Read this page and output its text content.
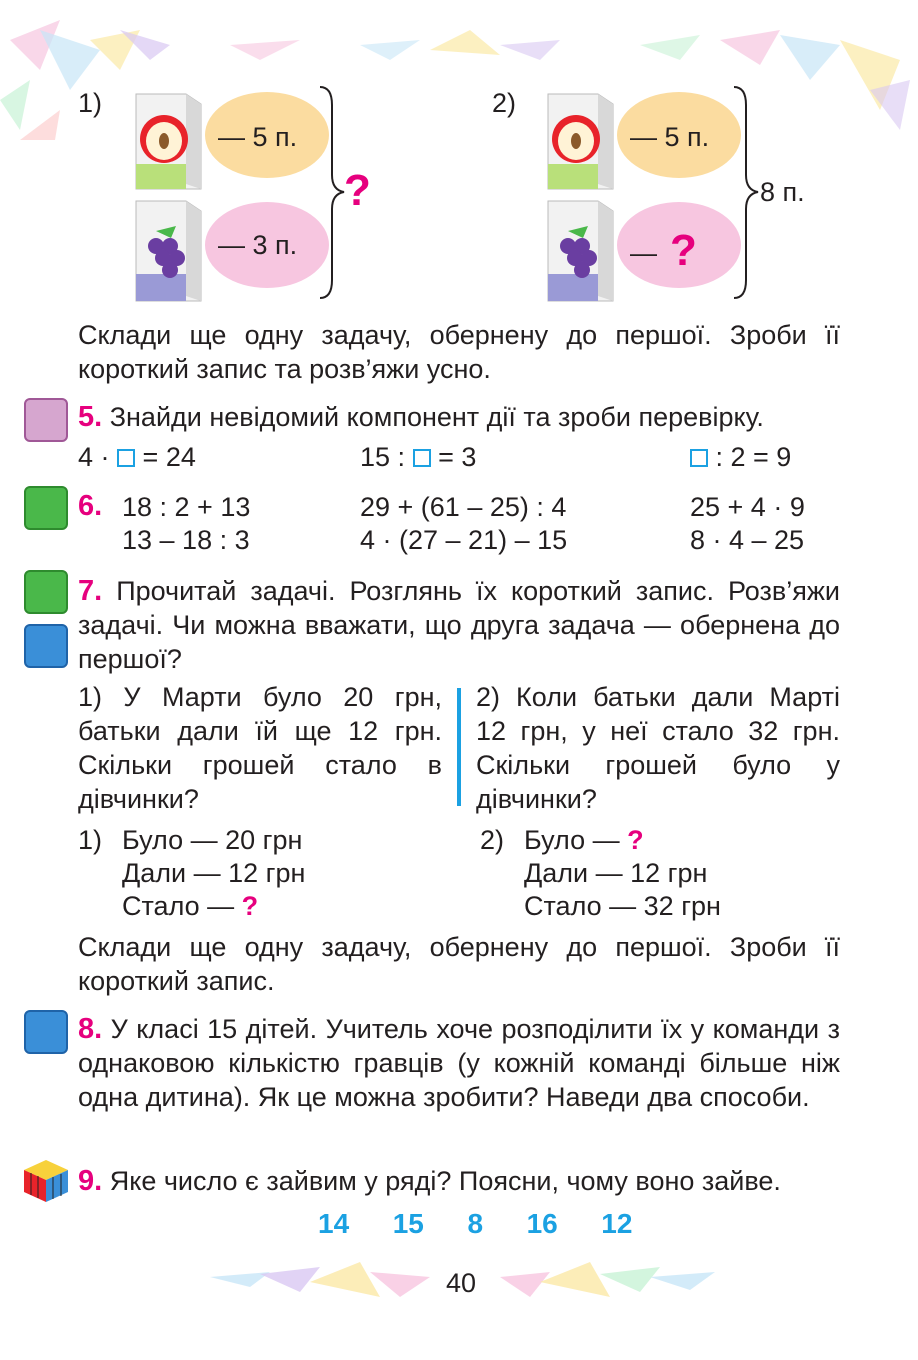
1)
— 5 п.
— 3 п.
?
2)
— 5 п.
— ?
8 п.
Склади ще одну задачу, обернену до першої. Зроби її короткий запис та розв’яжи усно.
5. Знайди невідомий компонент дії та зроби перевірку.
4 · = 24	15 : = 3	: 2 = 9
6. 18 : 2 + 13
13 – 18 : 3
29 + (61 – 25) : 4
4 · (27 – 21) – 15
25 + 4 · 9
8 · 4 – 25
7. Прочитай задачі. Розглянь їх короткий запис. Розв’яжи задачі. Чи можна вважати, що друга задача — обернена до першої?
1) У Марти було 20 грн, батьки дали їй ще 12 грн. Скільки грошей стало в дівчинки?
2) Коли батьки дали Марті 12 грн, у неї стало 32 грн. Скільки грошей було у дівчинки?
1) Було — 20 грн
Дали — 12 грн
Стало — ?
2) Було — ?
Дали — 12 грн
Стало — 32 грн
Склади ще одну задачу, обернену до першої. Зроби її короткий запис.
8. У класі 15 дітей. Учитель хоче розподілити їх у команди з однаковою кількістю гравців (у кожній команді більше ніж одна дитина). Як це можна зробити? Наведи два способи.
9. Яке число є зайвим у ряді? Поясни, чому воно зайве.
14 15 8 16 12
40
